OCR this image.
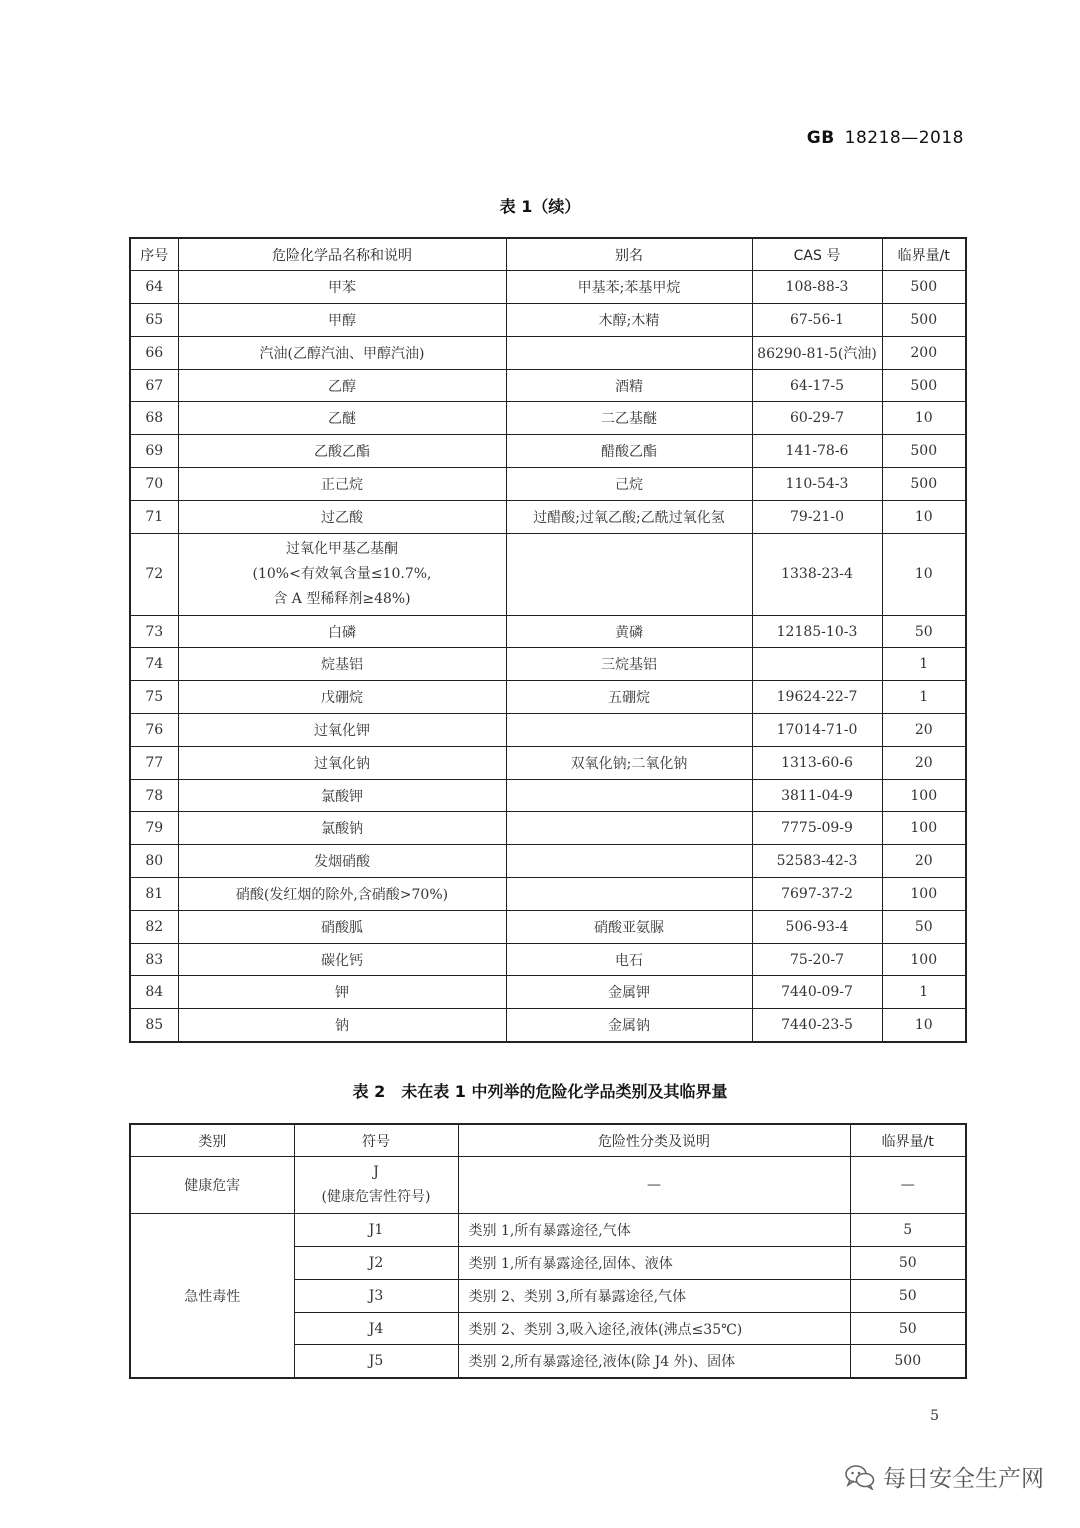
GB 18218—2018
表 1（续）
序号	危险化学品名称和说明	别名	CAS 号	临界量/t
64	甲苯	甲基苯;苯基甲烷	108-88-3	500
65	甲醇	木醇;木精	67-56-1	500
66	汽油(乙醇汽油、甲醇汽油)		86290-81-5(汽油)	200
67	乙醇	酒精	64-17-5	500
68	乙醚	二乙基醚	60-29-7	10
69	乙酸乙酯	醋酸乙酯	141-78-6	500
70	正己烷	己烷	110-54-3	500
71	过乙酸	过醋酸;过氧乙酸;乙酰过氧化氢	79-21-0	10
72	过氧化甲基乙基酮
(10%<有效氧含量≤10.7%,
含 A 型稀释剂≥48%)		1338-23-4	10
73	白磷	黄磷	12185-10-3	50
74	烷基铝	三烷基铝		1
75	戊硼烷	五硼烷	19624-22-7	1
76	过氧化钾		17014-71-0	20
77	过氧化钠	双氧化钠;二氧化钠	1313-60-6	20
78	氯酸钾		3811-04-9	100
79	氯酸钠		7775-09-9	100
80	发烟硝酸		52583-42-3	20
81	硝酸(发红烟的除外,含硝酸>70%)		7697-37-2	100
82	硝酸胍	硝酸亚氨脲	506-93-4	50
83	碳化钙	电石	75-20-7	100
84	钾	金属钾	7440-09-7	1
85	钠	金属钠	7440-23-5	10
表 2　未在表 1 中列举的危险化学品类别及其临界量
类别	符号	危险性分类及说明	临界量/t
健康危害	J
(健康危害性符号)	—	—
急性毒性	J1	类别 1,所有暴露途径,气体	5
	J2	类别 1,所有暴露途径,固体、液体	50
	J3	类别 2、类别 3,所有暴露途径,气体	50
	J4	类别 2、类别 3,吸入途径,液体(沸点≤35℃)	50
	J5	类别 2,所有暴露途径,液体(除 J4 外)、固体	500
5
每日安全生产网
